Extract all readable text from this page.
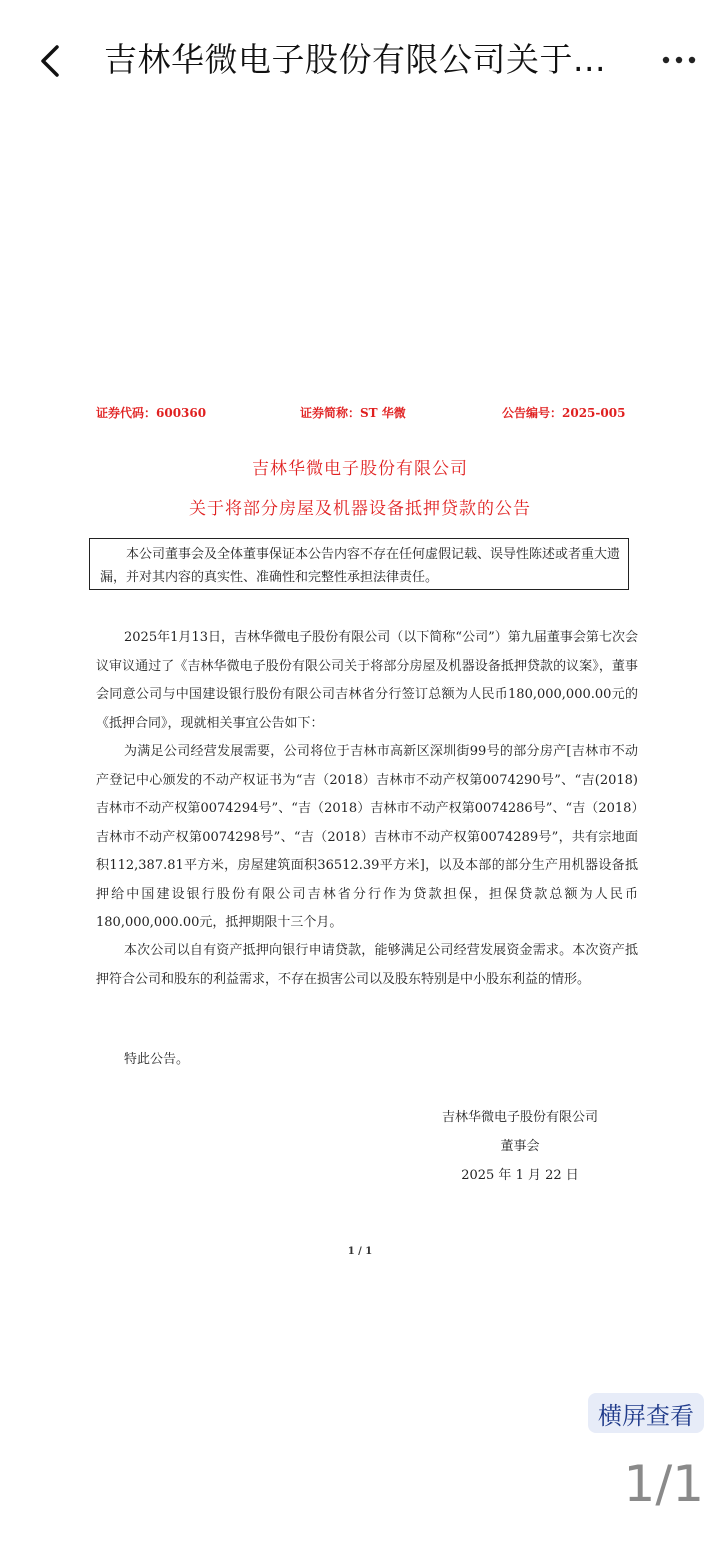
吉林华微电子股份有限公司关于...
证券代码：600360	证券简称：ST 华微	公告编号：2025-005
吉林华微电子股份有限公司
关于将部分房屋及机器设备抵押贷款的公告
本公司董事会及全体董事保证本公告内容不存在任何虚假记载、误导性陈述或者重大遗漏，并对其内容的真实性、准确性和完整性承担法律责任。
2025年1月13日，吉林华微电子股份有限公司（以下简称“公司”）第九届董事会第七次会议审议通过了《吉林华微电子股份有限公司关于将部分房屋及机器设备抵押贷款的议案》，董事会同意公司与中国建设银行股份有限公司吉林省分行签订总额为人民币180,000,000.00元的《抵押合同》，现就相关事宜公告如下：
为满足公司经营发展需要，公司将位于吉林市高新区深圳街99号的部分房产[吉林市不动产登记中心颁发的不动产权证书为“吉（2018）吉林市不动产权第0074290号”、“吉(2018)吉林市不动产权第0074294号”、“吉（2018）吉林市不动产权第0074286号”、“吉（2018）吉林市不动产权第0074298号”、“吉（2018）吉林市不动产权第0074289号”，共有宗地面积112,387.81平方米，房屋建筑面积36512.39平方米]，以及本部的部分生产用机器设备抵押给中国建设银行股份有限公司吉林省分行作为贷款担保，担保贷款总额为人民币180,000,000.00元，抵押期限十三个月。
本次公司以自有资产抵押向银行申请贷款，能够满足公司经营发展资金需求。本次资产抵押符合公司和股东的利益需求，不存在损害公司以及股东特别是中小股东利益的情形。
特此公告。
吉林华微电子股份有限公司
董事会
2025 年 1 月 22 日
1 / 1
横屏查看
1/1
